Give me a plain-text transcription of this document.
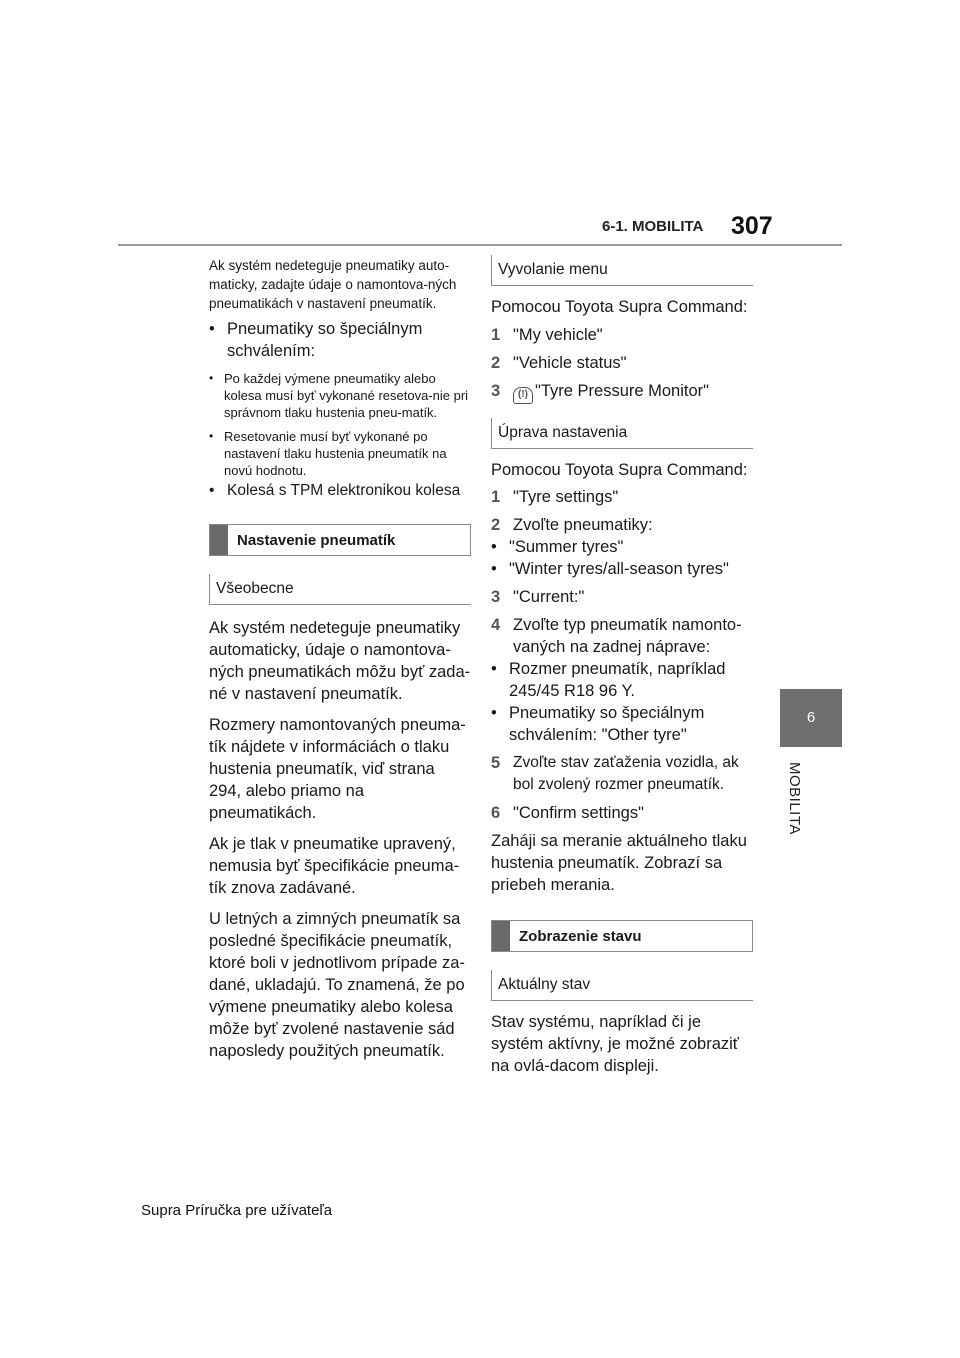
6-1. MOBILITA 307
6
MOBILITA

Ak systém nedeteguje pneumatiky auto-maticky, zadajte údaje o namontova-ných pneumatikách v nastavení pneumatík.

• Pneumatiky so špeciálnym schválením:
• Po každej výmene pneumatiky alebo kolesa musí byť vykonané resetova-nie pri správnom tlaku hustenia pneu-matík.
• Resetovanie musí byť vykonané po nastavení tlaku hustenia pneumatík na novú hodnotu.
• Kolesá s TPM elektronikou kolesa
Nastavenie pneumatík
Všeobecne

Ak systém nedeteguje pneumatiky automaticky, údaje o namontova-ných pneumatikách môžu byť zada-né v nastavení pneumatík.

Rozmery namontovaných pneuma-tík nájdete v informáciách o tlaku hustenia pneumatík, viď strana 294, alebo priamo na pneumatikách.

Ak je tlak v pneumatike upravený, nemusia byť špecifikácie pneuma-tík znova zadávané.

U letných a zimných pneumatík sa posledné špecifikácie pneumatík, ktoré boli v jednotlivom prípade za-dané, ukladajú. To znamená, že po výmene pneumatiky alebo kolesa môže byť zvolené nastavenie sád naposledy použitých pneumatík.

Vyvolanie menu

Pomocou Toyota Supra Command:

1 "My vehicle"
2 "Vehicle status"
3	(!) "Tyre Pressure Monitor"
Úprava nastavenia

Pomocou Toyota Supra Command:

1 "Tyre settings"
2 Zvoľte pneumatiky:
• "Summer tyres"
• "Winter tyres/all-season tyres"
3 "Current:"
4 Zvoľte typ pneumatík namonto-vaných na zadnej náprave:
• Rozmer pneumatík, napríklad 245/45 R18 96 Y.
• Pneumatiky so špeciálnym schválením: "Other tyre"
5 Zvoľte stav zaťaženia vozidla, ak bol zvolený rozmer pneumatík.
6 "Confirm settings"

Zaháji sa meranie aktuálneho tlaku hustenia pneumatík. Zobrazí sa priebeh merania.

Zobrazenie stavu
Aktuálny stav

Stav systému, napríklad či je systém aktívny, je možné zobraziť na ovlá-dacom displeji.

Supra Príručka pre užívateľa
